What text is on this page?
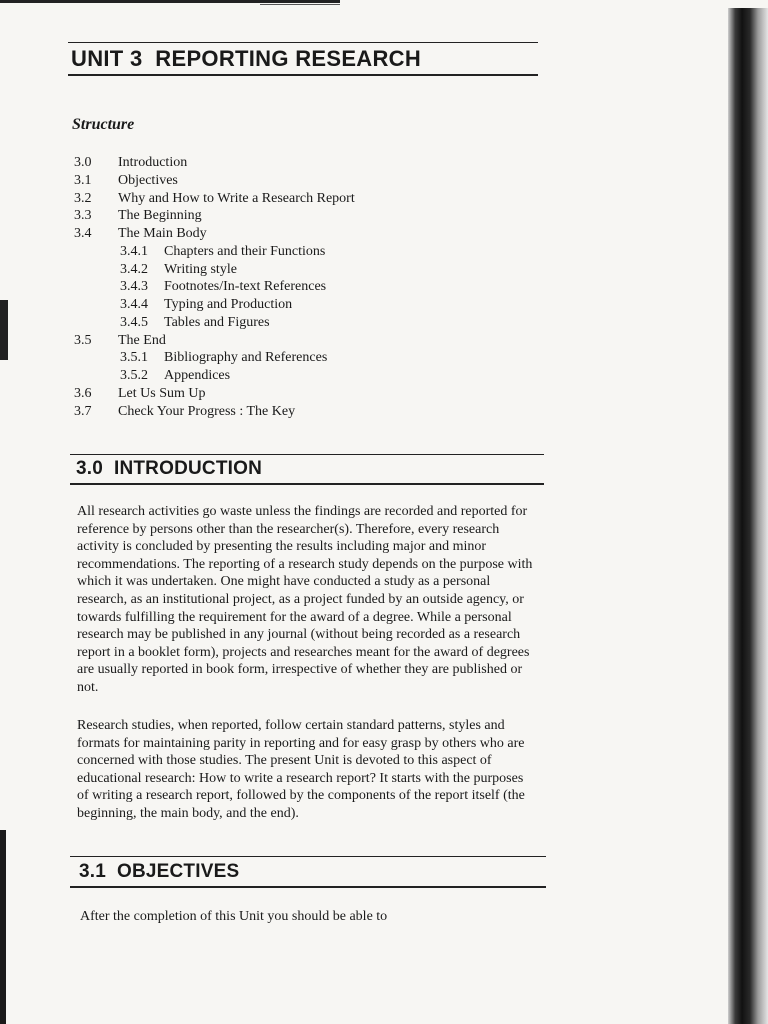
UNIT 3  REPORTING RESEARCH
Structure
3.0 Introduction
3.1 Objectives
3.2 Why and How to Write a Research Report
3.3 The Beginning
3.4 The Main Body
3.4.1 Chapters and their Functions
3.4.2 Writing style
3.4.3 Footnotes/In-text References
3.4.4 Typing and Production
3.4.5 Tables and Figures
3.5 The End
3.5.1 Bibliography and References
3.5.2 Appendices
3.6 Let Us Sum Up
3.7 Check Your Progress : The Key
3.0  INTRODUCTION

All research activities go waste unless the findings are recorded and reported for reference by persons other than the researcher(s). Therefore, every research activity is concluded by presenting the results including major and minor recommendations. The reporting of a research study depends on the purpose with which it was undertaken. One might have conducted a study as a personal research, as an institutional project, as a project funded by an outside agency, or towards fulfilling the requirement for the award of a degree. While a personal research may be published in any journal (without being recorded as a research report in a booklet form), projects and researches meant for the award of degrees are usually reported in book form, irrespective of whether they are published or not.

Research studies, when reported, follow certain standard patterns, styles and formats for maintaining parity in reporting and for easy grasp by others who are concerned with those studies. The present Unit is devoted to this aspect of educational research: How to write a research report? It starts with the purposes of writing a research report, followed by the components of the report itself (the beginning, the main body, and the end).

3.1  OBJECTIVES

After the completion of this Unit you should be able to
